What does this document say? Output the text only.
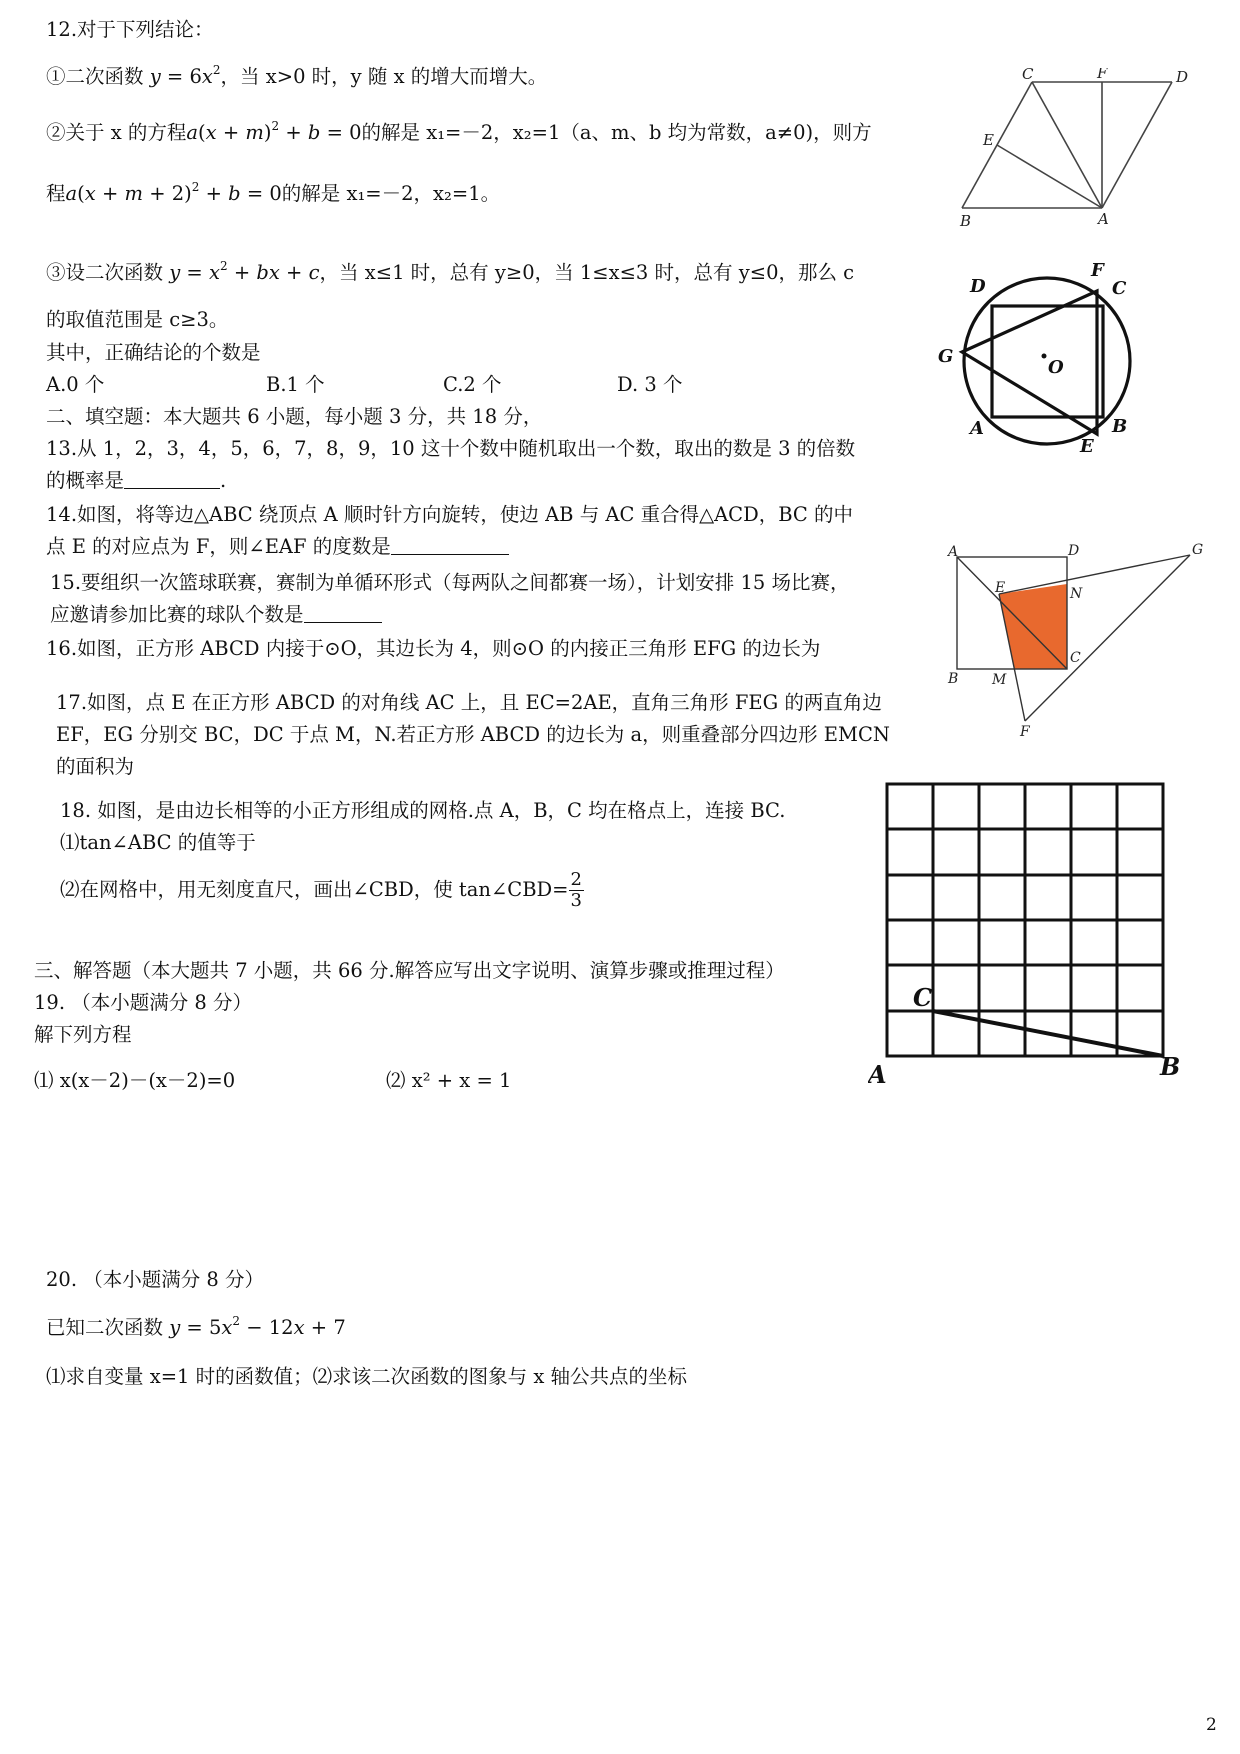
12.对于下列结论：
①二次函数 $y = 6x^2$，当 x>0 时，y 随 x 的增大而增大。
②关于 x 的方程$a(x + m)^2 + b = 0$的解是 x₁=－2，x₂=1（a、m、b 均为常数，a≠0)，则方
程$a(x + m + 2)^2 + b = 0$的解是 x₁=－2，x₂=1。
③设二次函数 $y = x^2$ + bx + c，当 x≤1 时，总有 y≥0，当 1≤x≤3 时，总有 y≤0，那么 c
的取值范围是 c≥3。
其中，正确结论的个数是
A.0 个	B.1 个	C.2 个	D. 3 个
二、填空题：本大题共 6 小题，每小题 3 分，共 18 分，
13.从 1，2，3，4，5，6，7，8，9，10 这十个数中随机取出一个数，取出的数是 3 的倍数
的概率是	.
14.如图，将等边△ABC 绕顶点 A 顺时针方向旋转，使边 AB 与 AC 重合得△ACD，BC 的中
点 E 的对应点为 F，则∠EAF 的度数是
15.要组织一次篮球联赛，赛制为单循环形式（每两队之间都赛一场），计划安排 15 场比赛，
应邀请参加比赛的球队个数是
16.如图，正方形 ABCD 内接于⊙O，其边长为 4，则⊙O 的内接正三角形 EFG 的边长为
17.如图，点 E 在正方形 ABCD 的对角线 AC 上，且 EC=2AE，直角三角形 FEG 的两直角边
EF，EG 分别交 BC，DC 于点 M，N.若正方形 ABCD 的边长为 a，则重叠部分四边形 EMCN
的面积为
18. 如图，是由边长相等的小正方形组成的网格.点 A，B，C 均在格点上，连接 BC.
⑴tan∠ABC 的值等于
⑵在网格中，用无刻度直尺，画出∠CBD，使 tan∠CBD= $\frac{2}{3}$
三、解答题（本大题共 7 小题，共 66 分.解答应写出文字说明、演算步骤或推理过程）
19. （本小题满分 8 分）
解下列方程
⑴ x(x－2)－(x－2)=0	⑵ x² + x = 1
20. （本小题满分 8 分）
已知二次函数 $y = 5x^2 - 12x + 7$
⑴求自变量 x=1 时的函数值；⑵求该二次函数的图象与 x 轴公共点的坐标
2
C	F	D
E
B	A
D
F
C
G
O
A	B
E
A	D	G
E	N
C
B M
F
C
A	B
